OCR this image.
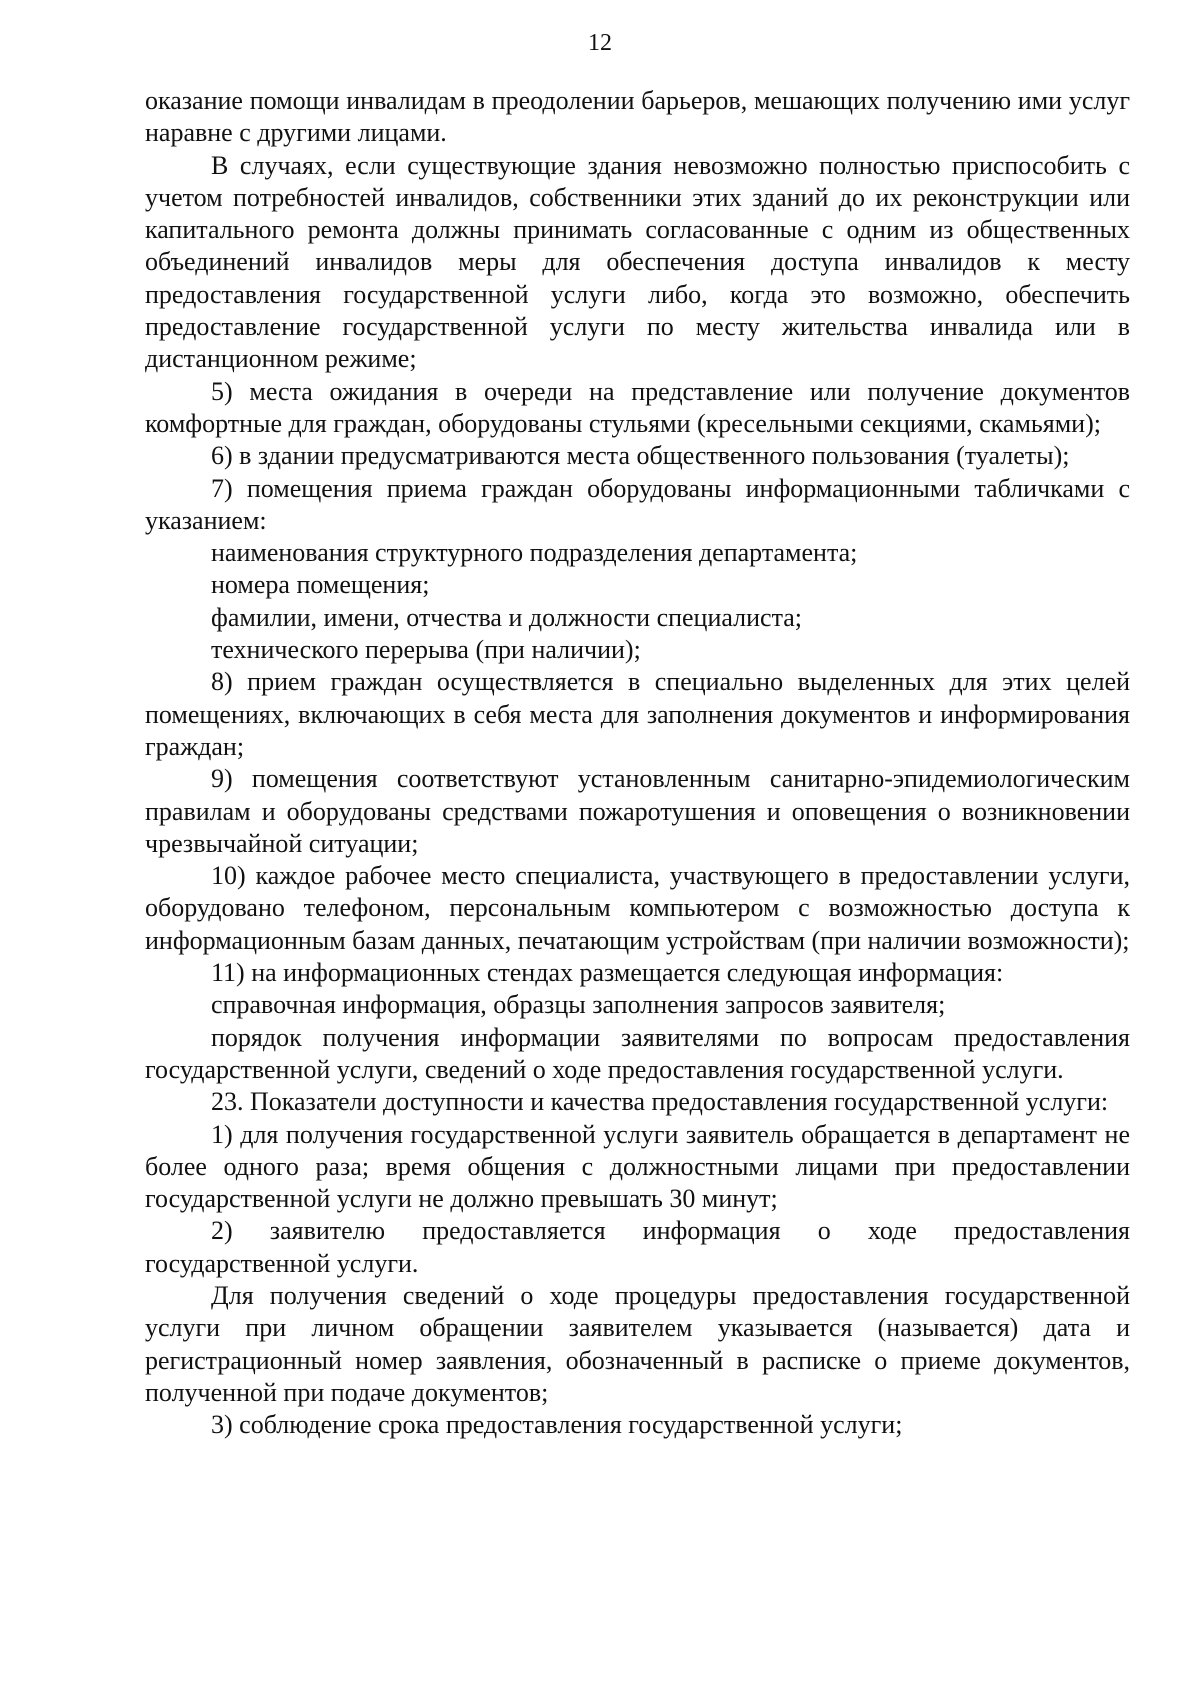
12

оказание помощи инвалидам в преодолении барьеров, мешающих получению ими услуг наравне с другими лицами.

В случаях, если существующие здания невозможно полностью приспособить с учетом потребностей инвалидов, собственники этих зданий до их реконструкции или капитального ремонта должны принимать согласованные с одним из общественных объединений инвалидов меры для обеспечения доступа инвалидов к месту предоставления государственной услуги либо, когда это возможно, обеспечить предоставление государственной услуги по месту жительства инвалида или в дистанционном режиме;

5) места ожидания в очереди на представление или получение документов комфортные для граждан, оборудованы стульями (кресельными секциями, скамьями);

6) в здании предусматриваются места общественного пользования (туалеты);

7) помещения приема граждан оборудованы информационными табличками с указанием:

наименования структурного подразделения департамента;
номера помещения;
фамилии, имени, отчества и должности специалиста;
технического перерыва (при наличии);

8) прием граждан осуществляется в специально выделенных для этих целей помещениях, включающих в себя места для заполнения документов и информирования граждан;

9) помещения соответствуют установленным санитарно-эпидемиологическим правилам и оборудованы средствами пожаротушения и оповещения о возникновении чрезвычайной ситуации;

10) каждое рабочее место специалиста, участвующего в предоставлении услуги, оборудовано телефоном, персональным компьютером с возможностью доступа к информационным базам данных, печатающим устройствам (при наличии возможности);

11) на информационных стендах размещается следующая информация:

справочная информация, образцы заполнения запросов заявителя;

порядок получения информации заявителями по вопросам предоставления государственной услуги, сведений о ходе предоставления государственной услуги.

23. Показатели доступности и качества предоставления государственной услуги:

1) для получения государственной услуги заявитель обращается в департамент не более одного раза; время общения с должностными лицами при предоставлении государственной услуги не должно превышать 30 минут;

2) заявителю предоставляется информация о ходе предоставления государственной услуги.

Для получения сведений о ходе процедуры предоставления государственной услуги при личном обращении заявителем указывается (называется) дата и регистрационный номер заявления, обозначенный в расписке о приеме документов, полученной при подаче документов;

3) соблюдение срока предоставления государственной услуги;
